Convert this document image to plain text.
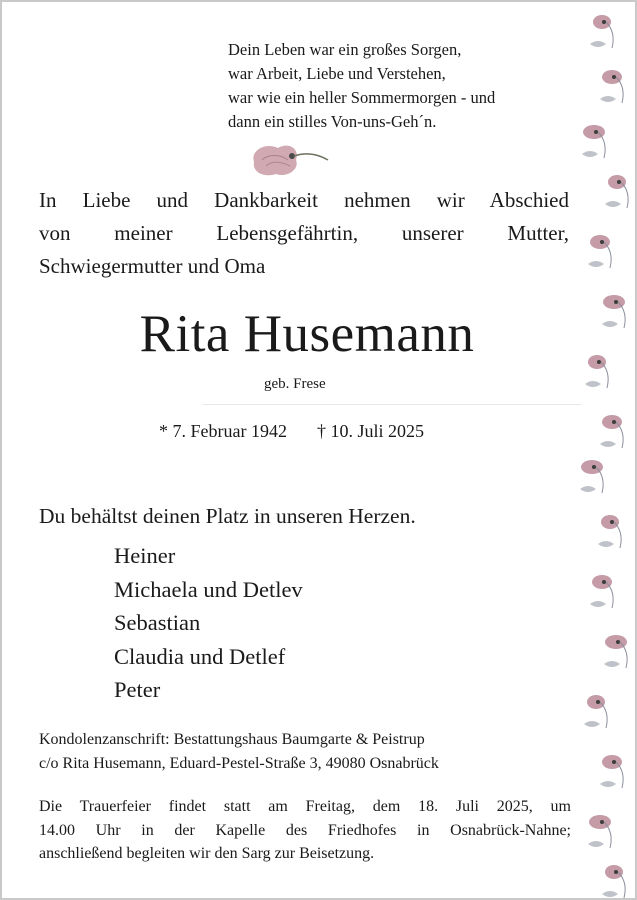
Dein Leben war ein großes Sorgen,
war Arbeit, Liebe und Verstehen,
war wie ein heller Sommermorgen - und
dann ein stilles Von-uns-Geh´n.
In Liebe und Dankbarkeit nehmen wir Abschied
von meiner Lebensgefährtin, unserer Mutter,
Schwiegermutter und Oma
Rita Husemann
geb. Frese
* 7. Februar 1942 † 10. Juli 2025
Du behältst deinen Platz in unseren Herzen.
Heiner
Michaela und Detlev
Sebastian
Claudia und Detlef
Peter
Kondolenzanschrift: Bestattungshaus Baumgarte & Peistrup
c/o Rita Husemann, Eduard-Pestel-Straße 3, 49080 Osnabrück
Die Trauerfeier findet statt am Freitag, dem 18. Juli 2025, um
14.00 Uhr in der Kapelle des Friedhofes in Osnabrück-Nahne;
anschließend begleiten wir den Sarg zur Beisetzung.
